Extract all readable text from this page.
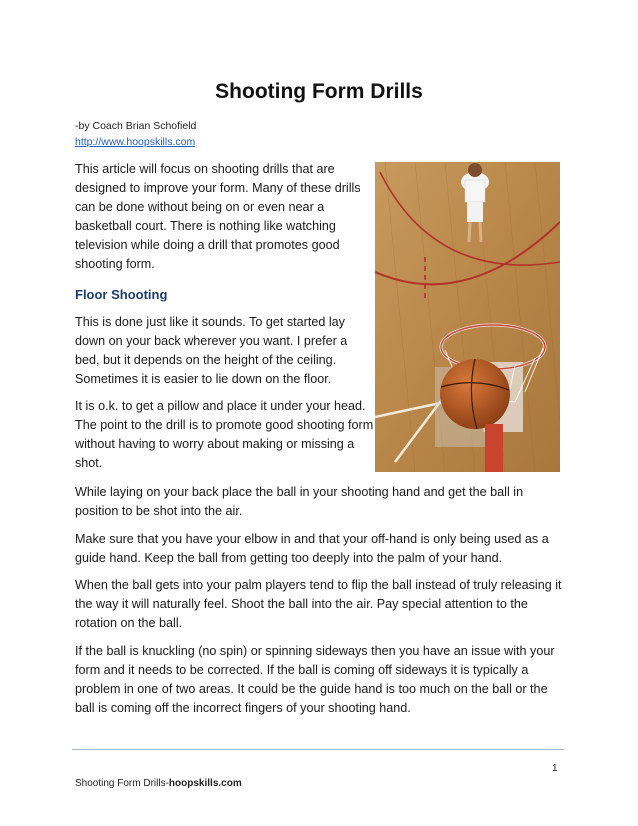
Shooting Form Drills
-by Coach Brian Schofield
http://www.hoopskills.com

This article will focus on shooting drills that are designed to improve your form. Many of these drills can be done without being on or even near a basketball court. There is nothing like watching television while doing a drill that promotes good shooting form.

Floor Shooting

This is done just like it sounds. To get started lay down on your back wherever you want. I prefer a bed, but it depends on the height of the ceiling. Sometimes it is easier to lie down on the floor.

It is o.k. to get a pillow and place it under your head. The point to the drill is to promote good shooting form without having to worry about making or missing a shot.

While laying on your back place the ball in your shooting hand and get the ball in position to be shot into the air.

Make sure that you have your elbow in and that your off-hand is only being used as a guide hand. Keep the ball from getting too deeply into the palm of your hand.

When the ball gets into your palm players tend to flip the ball instead of truly releasing it the way it will naturally feel. Shoot the ball into the air. Pay special attention to the rotation on the ball.

If the ball is knuckling (no spin) or spinning sideways then you have an issue with your form and it needs to be corrected. If the ball is coming off sideways it is typically a problem in one of two areas. It could be the guide hand is too much on the ball or the ball is coming off the incorrect fingers of your shooting hand.

1
Shooting Form Drills-hoopskills.com
